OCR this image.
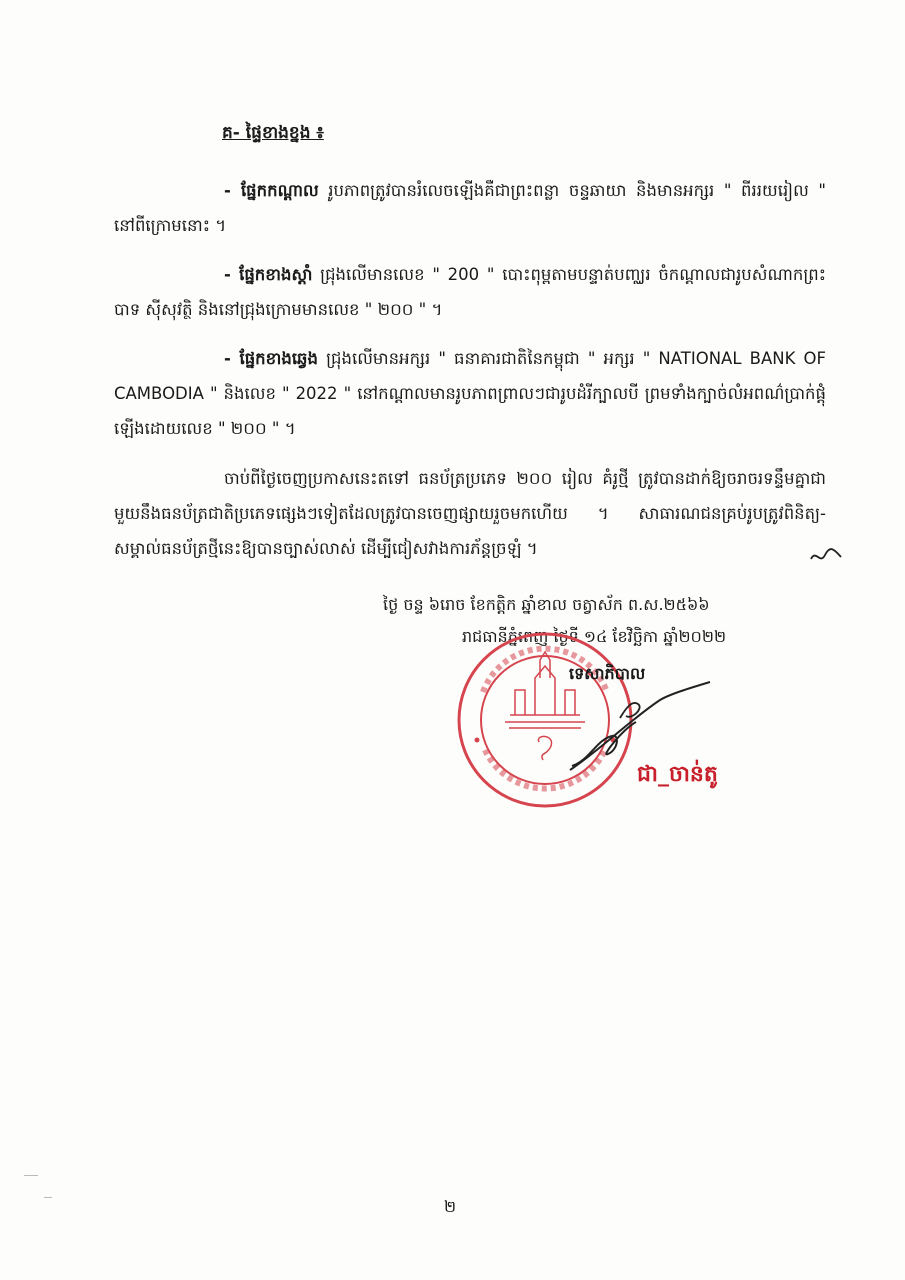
គ- ផ្ទៃខាងខ្នង ៖
- ផ្នែកកណ្តាល រូបភាពត្រូវបានរំលេចឡើងគឺជាព្រះពន្លា ចន្ទឆាយា និងមានអក្សរ " ពីររយរៀល " នៅពីក្រោមនោះ ។
- ផ្នែកខាងស្តាំ ជ្រុងលើមានលេខ " 200 " បោះពុម្ពតាមបន្ទាត់បញ្ឈរ ចំកណ្តាលជារូបសំណាកព្រះបាទ ស៊ីសុវត្ថិ និងនៅជ្រុងក្រោមមានលេខ " ២០០ " ។
- ផ្នែកខាងឆ្វេង ជ្រុងលើមានអក្សរ " ធនាគារជាតិនៃកម្ពុជា " អក្សរ " NATIONAL BANK OF CAMBODIA " និងលេខ " 2022 " នៅកណ្តាលមានរូបភាពព្រាលៗជារូបដំរីក្បាលបី ព្រមទាំងក្បាច់លំអពណ៌ប្រាក់ផ្តុំឡើងដោយលេខ " ២០០ " ។
ចាប់ពីថ្ងៃចេញប្រកាសនេះតទៅ ធនប័ត្រប្រភេទ ២០០ រៀល គំរូថ្មី ត្រូវបានដាក់ឱ្យចរាចរទន្ទឹមគ្នាជាមួយនឹងធនប័ត្រជាតិប្រភេទផ្សេងៗទៀតដែលត្រូវបានចេញផ្សាយរួចមកហើយ ។ សាធារណជនគ្រប់រូបត្រូវពិនិត្យ-សម្គាល់ធនប័ត្រថ្មីនេះឱ្យបានច្បាស់លាស់ ដើម្បីជៀសវាងការភ័ន្តច្រឡំ ។
ថ្ងៃ ចន្ទ ៦រោច ខែកត្តិក ឆ្នាំខាល ចត្វាស័ក ព.ស.២៥៦៦
រាជធានីភ្នំពេញ ថ្ងៃទី ១៤ ខែវិច្ឆិកា ឆ្នាំ២០២២
ទេសាភិបាល
ជា_ចាន់តូ
២
